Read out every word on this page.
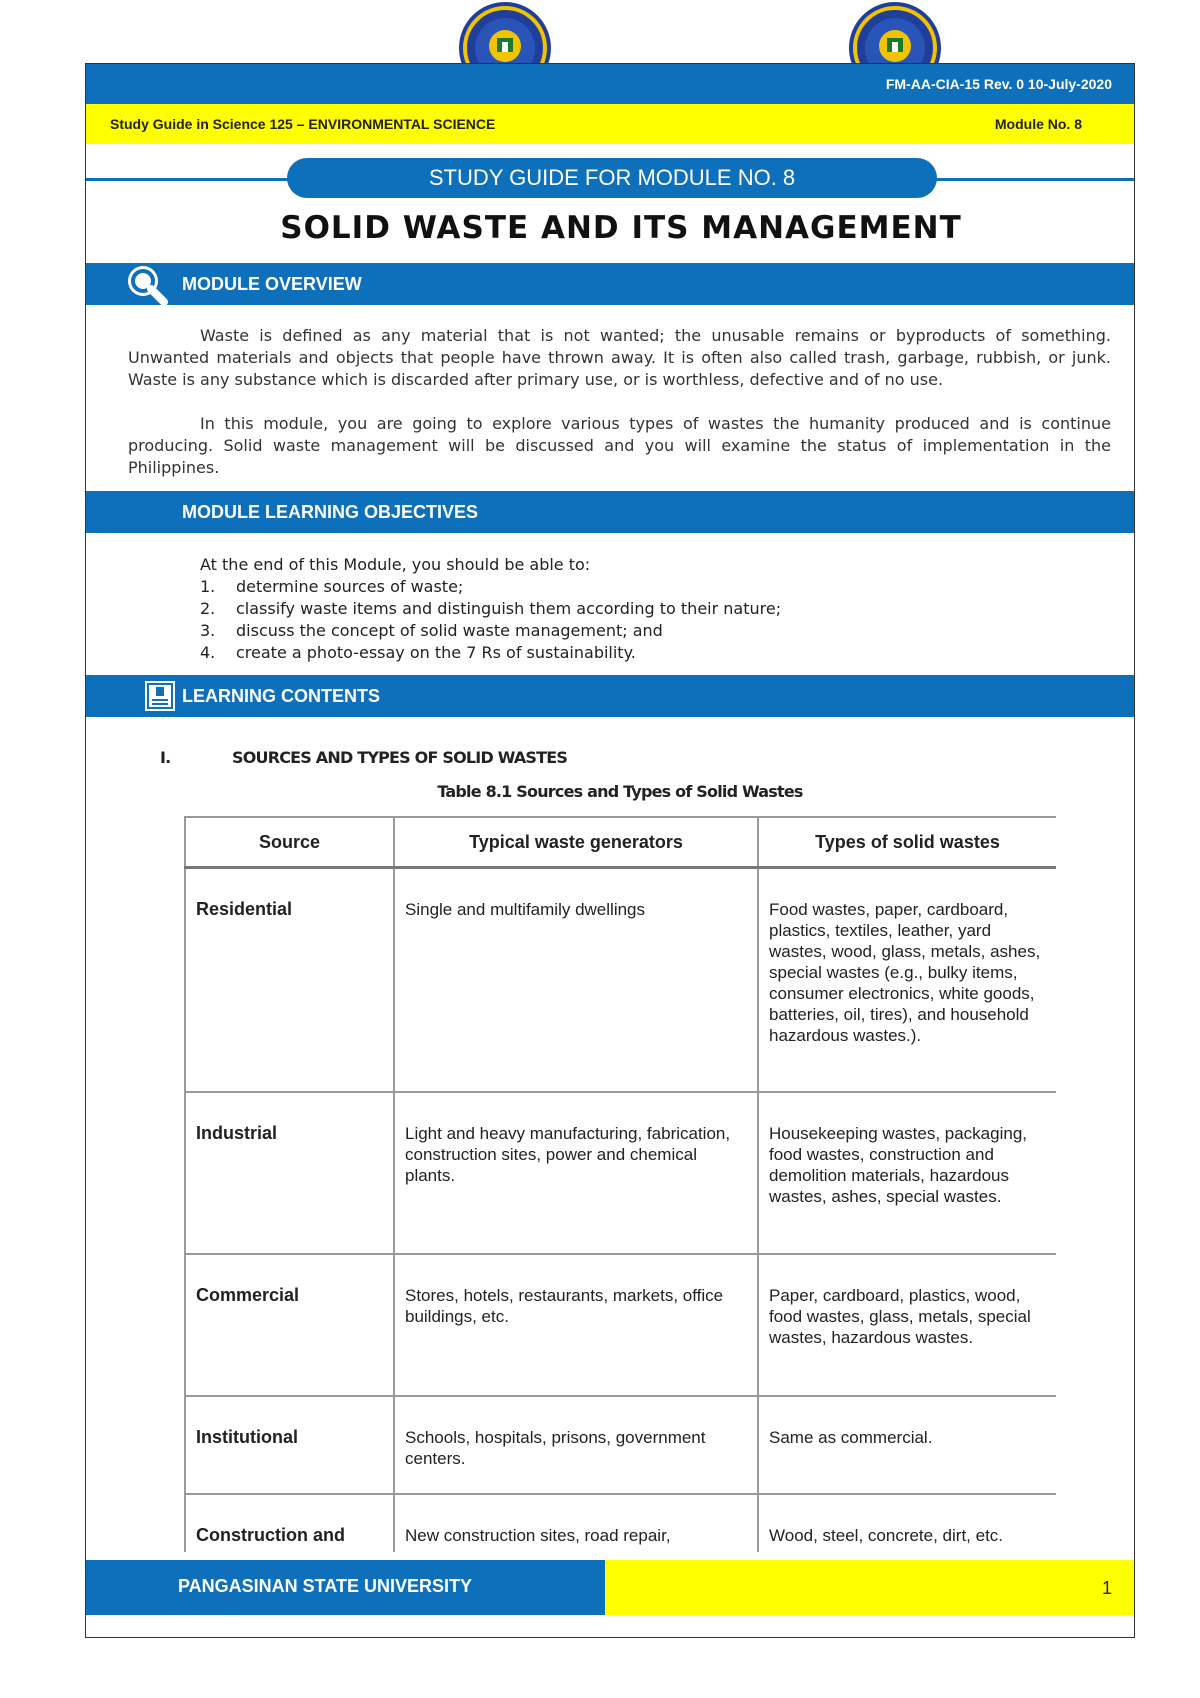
FM-AA-CIA-15 Rev. 0 10-July-2020
Study Guide in Science 125 – ENVIRONMENTAL SCIENCE	Module No. 8
STUDY GUIDE FOR MODULE NO. 8
SOLID WASTE AND ITS MANAGEMENT
MODULE OVERVIEW
Waste is defined as any material that is not wanted; the unusable remains or byproducts of something. Unwanted materials and objects that people have thrown away. It is often also called trash, garbage, rubbish, or junk. Waste is any substance which is discarded after primary use, or is worthless, defective and of no use.
In this module, you are going to explore various types of wastes the humanity produced and is continue producing. Solid waste management will be discussed and you will examine the status of implementation in the Philippines.
MODULE LEARNING OBJECTIVES
At the end of this Module, you should be able to:
1.	determine sources of waste;
2.	classify waste items and distinguish them according to their nature;
3.	discuss the concept of solid waste management; and
4.	create a photo-essay on the 7 Rs of sustainability.
LEARNING CONTENTS
I.	SOURCES AND TYPES OF SOLID WASTES
Table 8.1 Sources and Types of Solid Wastes
Source	Typical waste generators	Types of solid wastes
Residential	Single and multifamily dwellings	Food wastes, paper, cardboard, plastics, textiles, leather, yard wastes, wood, glass, metals, ashes, special wastes (e.g., bulky items, consumer electronics, white goods, batteries, oil, tires), and household hazardous wastes.).
Industrial	Light and heavy manufacturing, fabrication, construction sites, power and chemical plants.	Housekeeping wastes, packaging, food wastes, construction and demolition materials, hazardous wastes, ashes, special wastes.
Commercial	Stores, hotels, restaurants, markets, office buildings, etc.	Paper, cardboard, plastics, wood, food wastes, glass, metals, special wastes, hazardous wastes.
Institutional	Schools, hospitals, prisons, government centers.	Same as commercial.
Construction and	New construction sites, road repair,	Wood, steel, concrete, dirt, etc.
PANGASINAN STATE UNIVERSITY	1
